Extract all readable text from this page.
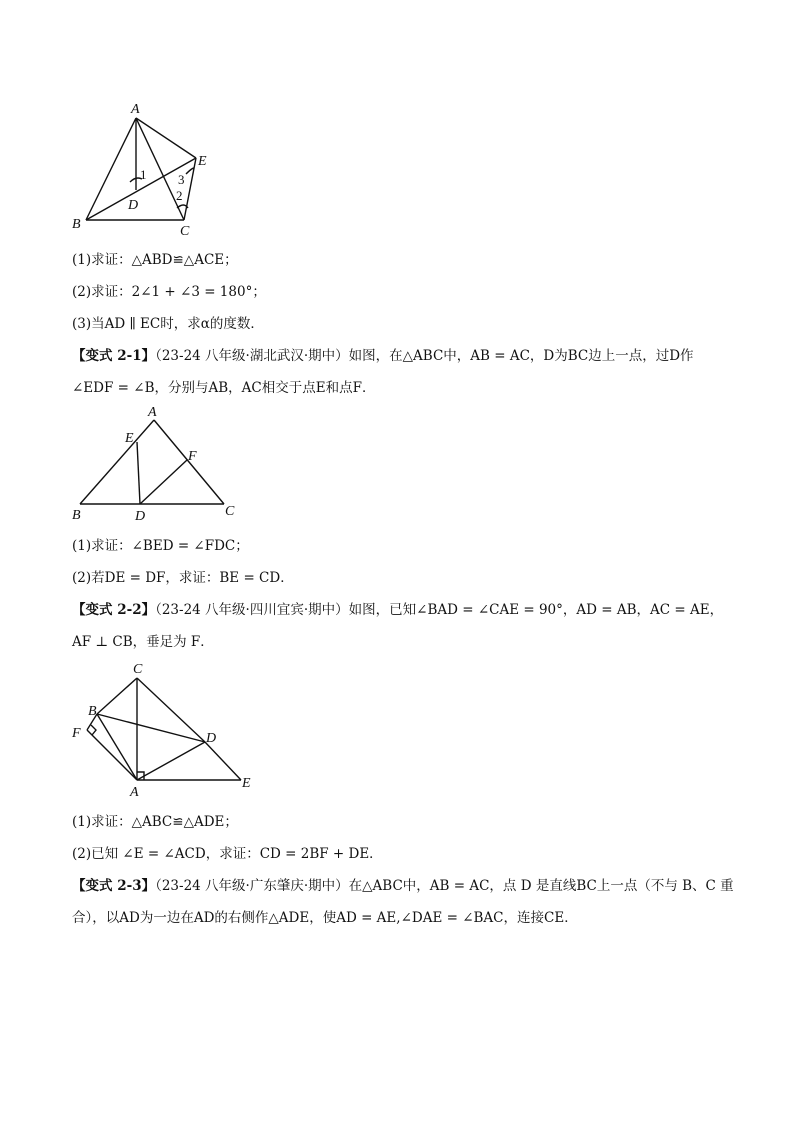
A
B	C
D
E
1
2
3
(1)求证：△ABD≌△ACE；
(2)求证：2∠1 + ∠3 = 180°；
(3)当AD ∥ EC时，求α的度数．
【变式 2-1】（23-24 八年级·湖北武汉·期中）如图，在△ABC中，AB = AC，D为BC边上一点，过D作
∠EDF = ∠B，分别与AB，AC相交于点E和点F．
A
B	C
D
E
F
(1)求证：∠BED = ∠FDC；
(2)若DE = DF，求证：BE = CD．
【变式 2-2】（23-24 八年级·四川宜宾·期中）如图，已知∠BAD = ∠CAE = 90°，AD = AB，AC = AE，
AF ⊥ CB，垂足为 F．
C
B
F	D
A
E
(1)求证：△ABC≌△ADE；
(2)已知 ∠E = ∠ACD，求证：CD = 2BF + DE．
【变式 2-3】（23-24 八年级·广东肇庆·期中）在△ABC中，AB = AC，点 D 是直线BC上一点（不与 B、C 重
合），以AD为一边在AD的右侧作△ADE，使AD = AE,∠DAE = ∠BAC，连接CE．
